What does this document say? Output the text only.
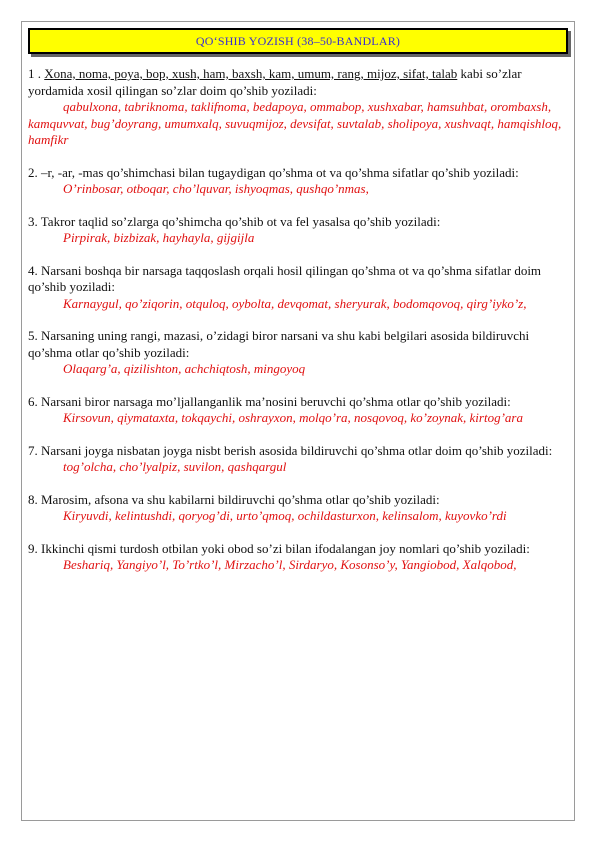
QO‘SHIB YOZISH (38–50-BANDLAR)

1 . Xona, noma, poya, bop, xush, ham, baxsh, kam, umum, rang, mijoz, sifat, talab kabi so’zlar yordamida xosil qilingan so’zlar doim qo’shib yoziladi:

qabulxona, tabriknoma, taklifnoma, bedapoya, ommabop, xushxabar, hamsuhbat, orombaxsh, kamquvvat, bug’doyrang, umumxalq, suvuqmijoz, devsifat, suvtalab, sholipoya, xushvaqt, hamqishloq, hamfikr

2. –r, -ar, -mas qo’shimchasi bilan tugaydigan qo’shma ot va qo’shma sifatlar qo’shib yoziladi:

O’rinbosar, otboqar, cho’lquvar, ishyoqmas, qushqo’nmas,

3. Takror taqlid so’zlarga qo’shimcha qo’shib ot va fel yasalsa qo’shib yoziladi:

Pirpirak, bizbizak, hayhayla, gijgijla

4. Narsani boshqa bir narsaga taqqoslash orqali hosil qilingan qo’shma ot va qo’shma sifatlar doim qo’shib yoziladi:

Karnaygul, qo’ziqorin, otquloq, oybolta, devqomat, sheryurak, bodomqovoq, qirg’iyko’z,

5. Narsaning uning rangi, mazasi, o’zidagi biror narsani va shu kabi belgilari asosida bildiruvchi qo’shma otlar qo’shib yoziladi:

Olaqarg’a, qizilishton, achchiqtosh, mingoyoq

6. Narsani biror narsaga mo’ljallanganlik ma’nosini beruvchi qo’shma otlar qo’shib yoziladi:

Kirsovun, qiymataxta, tokqaychi, oshrayxon, molqo’ra, nosqovoq, ko’zoynak, kirtog’ara

7. Narsani joyga nisbatan joyga nisbt berish asosida bildiruvchi qo’shma otlar doim qo’shib yoziladi:

tog’olcha, cho’lyalpiz, suvilon, qashqargul

8. Marosim, afsona va shu kabilarni bildiruvchi qo’shma otlar qo’shib yoziladi:

Kiryuvdi, kelintushdi, qoryog’di, urto’qmoq, ochildasturxon, kelinsalom, kuyovko’rdi

9. Ikkinchi qismi turdosh otbilan yoki obod so’zi bilan ifodalangan joy nomlari qo’shib yoziladi:

Beshariq, Yangiyo’l, To’rtko’l, Mirzacho’l, Sirdaryo, Kosonso’y, Yangiobod, Xalqobod,
